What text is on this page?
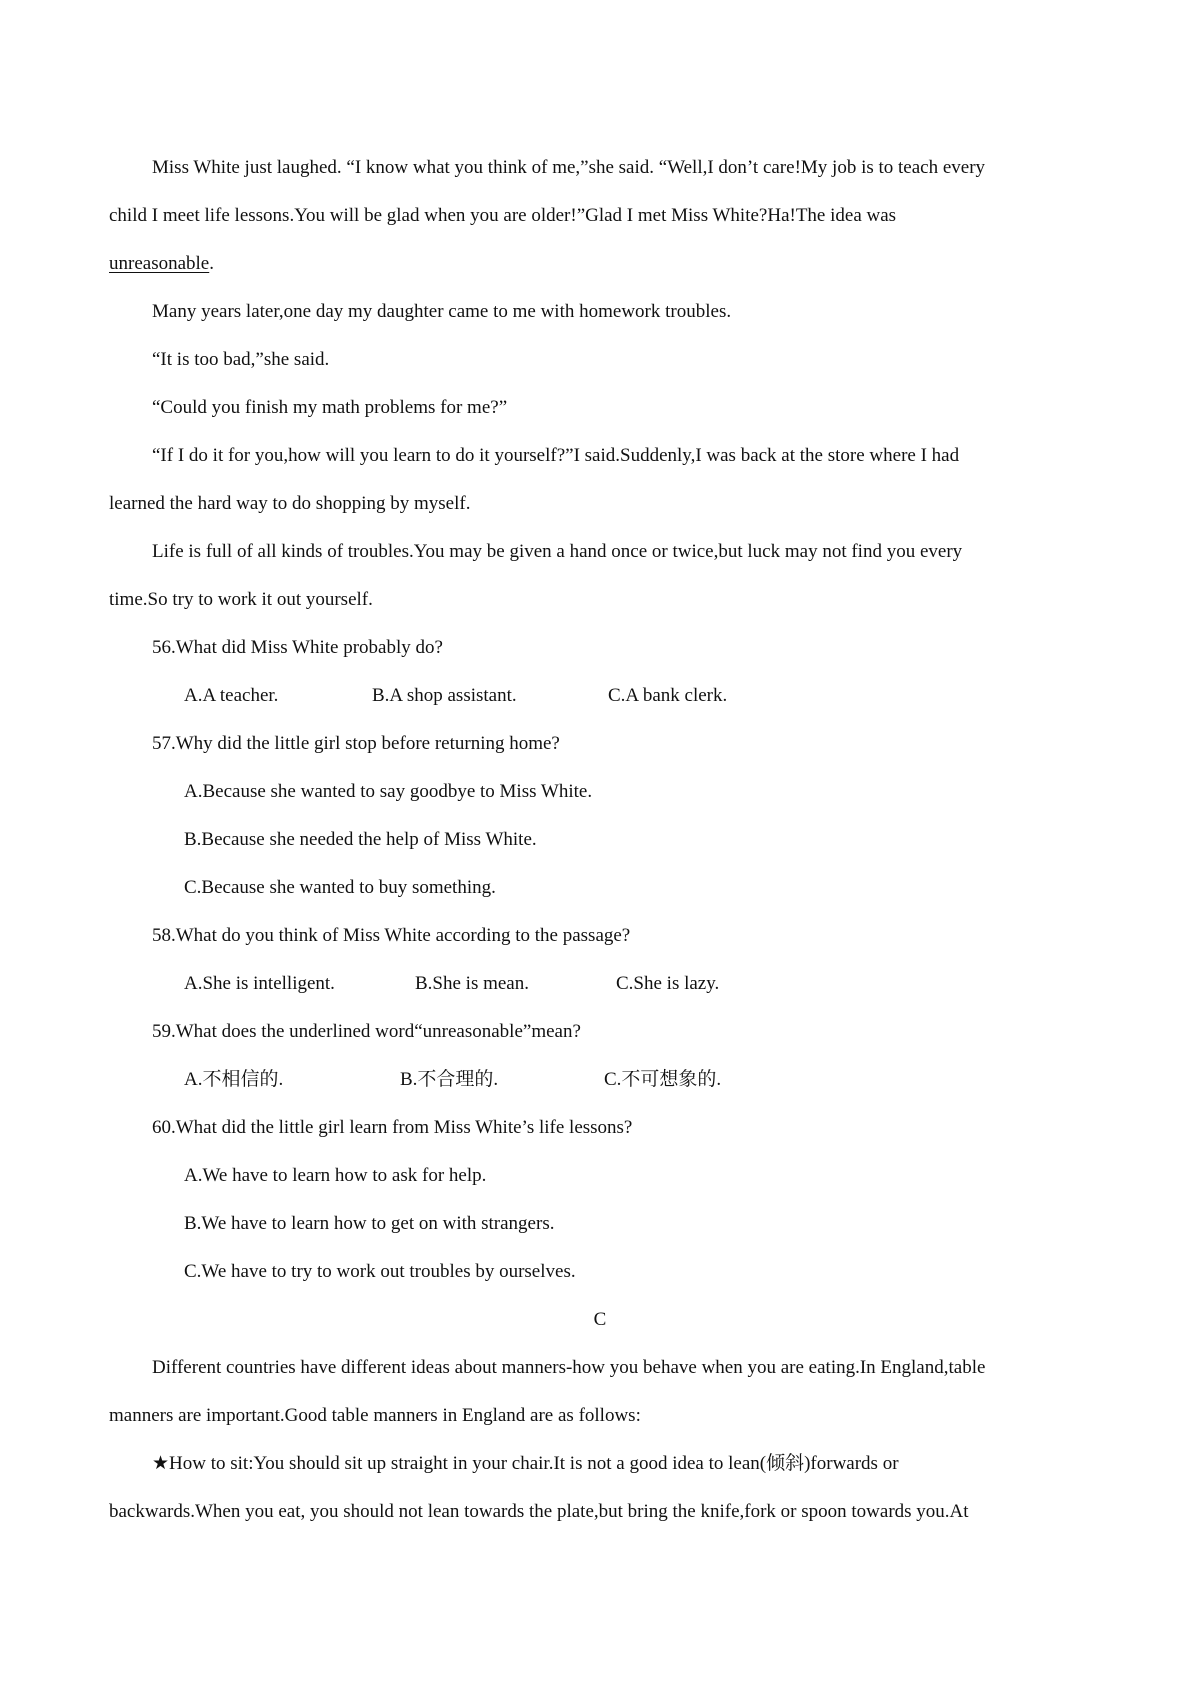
Miss White just laughed. “I know what you think of me,”she said. “Well,I don’t care!My job is to teach every
child I meet life lessons.You will be glad when you are older!”Glad I met Miss White?Ha!The idea was
unreasonable.
Many years later,one day my daughter came to me with homework troubles.
“It is too bad,”she said.
“Could you finish my math problems for me?”
“If I do it for you,how will you learn to do it yourself?”I said.Suddenly,I was back at the store where I had
learned the hard way to do shopping by myself.
Life is full of all kinds of troubles.You may be given a hand once or twice,but luck may not find you every
time.So try to work it out yourself.
56.What did Miss White probably do?
A.A teacher.	B.A shop assistant.	C.A bank clerk.
57.Why did the little girl stop before returning home?
A.Because she wanted to say goodbye to Miss White.
B.Because she needed the help of Miss White.
C.Because she wanted to buy something.
58.What do you think of Miss White according to the passage?
A.She is intelligent.	B.She is mean.	C.She is lazy.
59.What does the underlined word“unreasonable”mean?
A.不相信的.	B.不合理的.	C.不可想象的.
60.What did the little girl learn from Miss White’s life lessons?
A.We have to learn how to ask for help.
B.We have to learn how to get on with strangers.
C.We have to try to work out troubles by ourselves.
C
Different countries have different ideas about manners-how you behave when you are eating.In England,table
manners are important.Good table manners in England are as follows:
★How to sit:You should sit up straight in your chair.It is not a good idea to lean(倾斜)forwards or
backwards.When you eat, you should not lean towards the plate,but bring the knife,fork or spoon towards you.At
